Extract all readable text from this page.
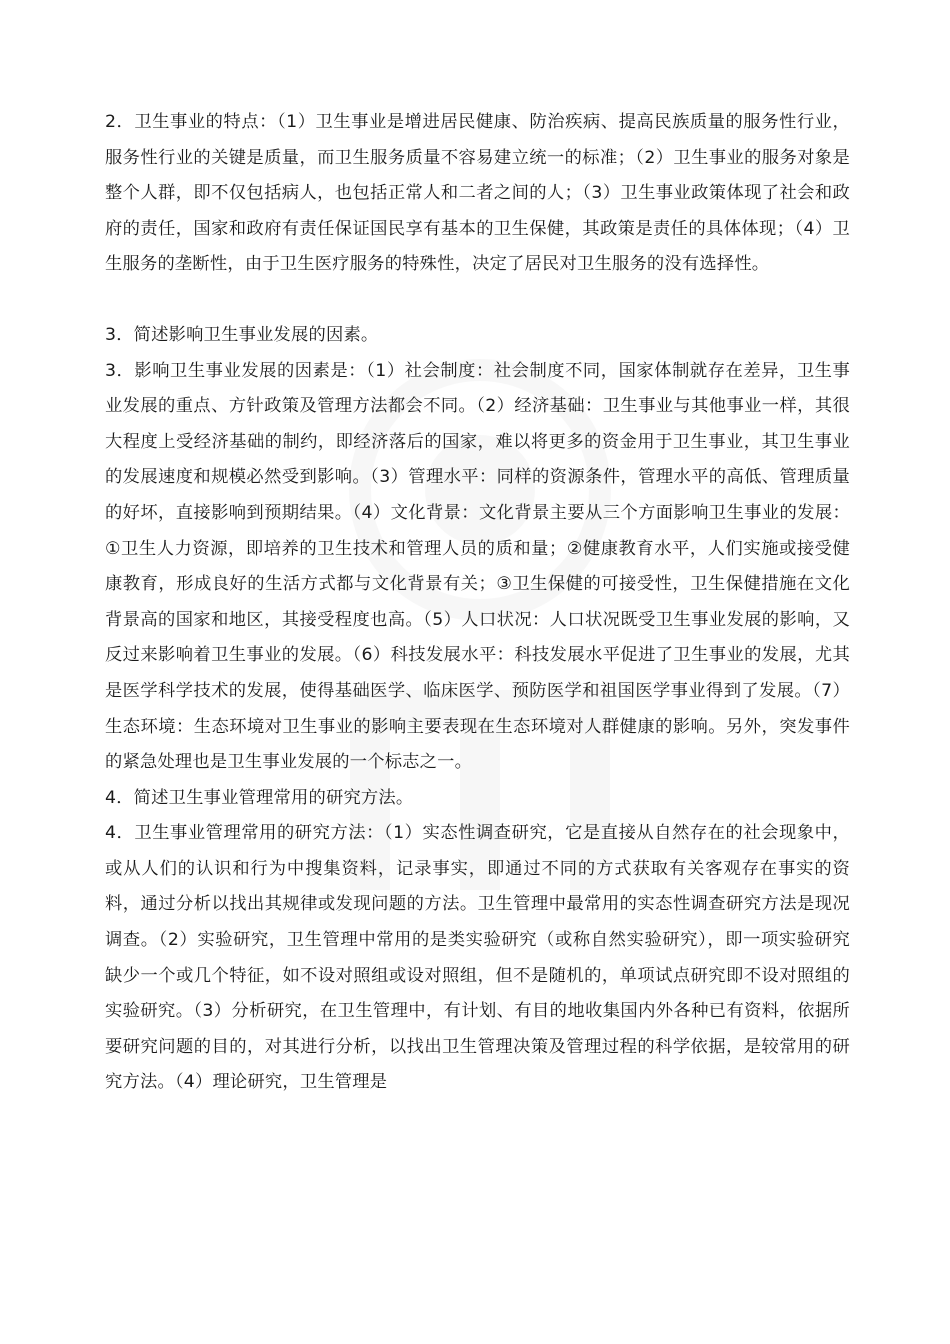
2．卫生事业的特点：（1）卫生事业是增进居民健康、防治疾病、提高民族质量的服务性行业，服务性行业的关键是质量，而卫生服务质量不容易建立统一的标准；（2）卫生事业的服务对象是整个人群，即不仅包括病人，也包括正常人和二者之间的人；（3）卫生事业政策体现了社会和政府的责任，国家和政府有责任保证国民享有基本的卫生保健，其政策是责任的具体体现；（4）卫生服务的垄断性，由于卫生医疗服务的特殊性，决定了居民对卫生服务的没有选择性。

3．简述影响卫生事业发展的因素。

3．影响卫生事业发展的因素是：（1）社会制度：社会制度不同，国家体制就存在差异，卫生事业发展的重点、方针政策及管理方法都会不同。（2）经济基础：卫生事业与其他事业一样，其很大程度上受经济基础的制约，即经济落后的国家，难以将更多的资金用于卫生事业，其卫生事业的发展速度和规模必然受到影响。（3）管理水平：同样的资源条件，管理水平的高低、管理质量的好坏，直接影响到预期结果。（4）文化背景：文化背景主要从三个方面影响卫生事业的发展：①卫生人力资源，即培养的卫生技术和管理人员的质和量；②健康教育水平，人们实施或接受健康教育，形成良好的生活方式都与文化背景有关；③卫生保健的可接受性，卫生保健措施在文化背景高的国家和地区，其接受程度也高。（5）人口状况：人口状况既受卫生事业发展的影响，又反过来影响着卫生事业的发展。（6）科技发展水平：科技发展水平促进了卫生事业的发展，尤其是医学科学技术的发展，使得基础医学、临床医学、预防医学和祖国医学事业得到了发展。（7）生态环境：生态环境对卫生事业的影响主要表现在生态环境对人群健康的影响。另外，突发事件的紧急处理也是卫生事业发展的一个标志之一。

4．简述卫生事业管理常用的研究方法。

4．卫生事业管理常用的研究方法：（1）实态性调查研究，它是直接从自然存在的社会现象中，或从人们的认识和行为中搜集资料，记录事实，即通过不同的方式获取有关客观存在事实的资料，通过分析以找出其规律或发现问题的方法。卫生管理中最常用的实态性调查研究方法是现况调查。（2）实验研究，卫生管理中常用的是类实验研究（或称自然实验研究），即一项实验研究缺少一个或几个特征，如不设对照组或设对照组，但不是随机的，单项试点研究即不设对照组的实验研究。（3）分析研究，在卫生管理中，有计划、有目的地收集国内外各种已有资料，依据所要研究问题的目的，对其进行分析，以找出卫生管理决策及管理过程的科学依据，是较常用的研究方法。（4）理论研究，卫生管理是
